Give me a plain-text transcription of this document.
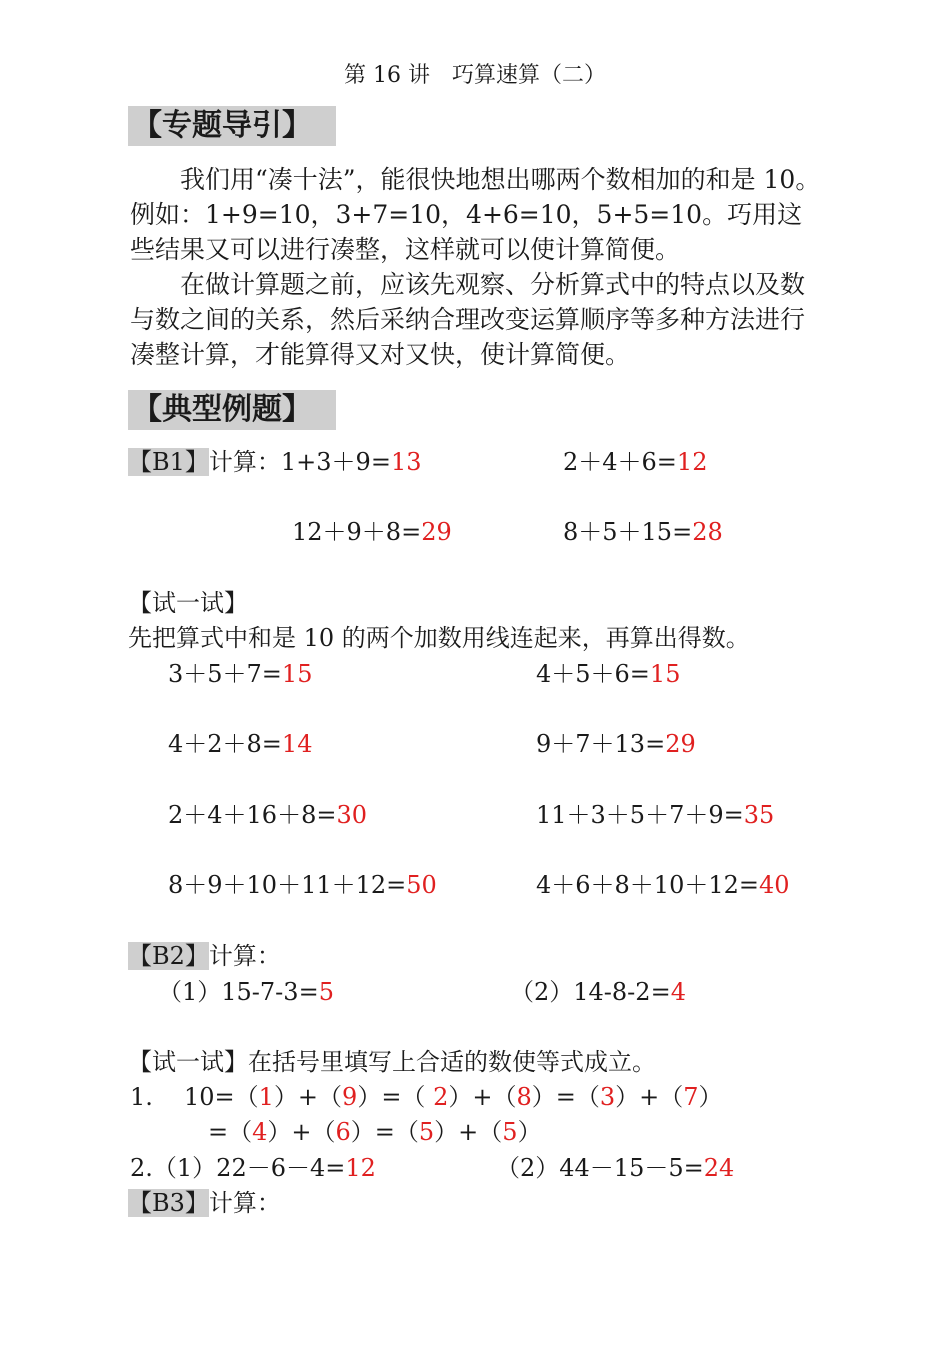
第 16 讲　巧算速算（二）
【专题导引】

我们用“凑十法”，能很快地想出哪两个数相加的和是 10。例如：1+9=10，3+7=10，4+6=10，5+5=10。巧用这些结果又可以进行凑整，这样就可以使计算简便。

在做计算题之前，应该先观察、分析算式中的特点以及数与数之间的关系，然后采纳合理改变运算顺序等多种方法进行凑整计算，才能算得又对又快，使计算简便。

【典型例题】
【B1】计算：1+3＋9=13	2＋4＋6=12
12＋9＋8=29	8＋5＋15=28
【试一试】
先把算式中和是 10 的两个加数用线连起来，再算出得数。
3＋5＋7=15	4＋5＋6=15
4＋2＋8=14	9＋7＋13=29
2＋4＋16＋8=30	11＋3＋5＋7＋9=35
8＋9＋10＋11＋12=50	4＋6＋8＋10＋12=40
【B2】计算：
（1）15-7-3=5	（2）14-8-2=4
【试一试】在括号里填写上合适的数使等式成立。
1. 10=（1）+（9）=（ 2）+（8）=（3）+（7）
=（4）+（6）=（5）+（5）
2.（1）22－6－4=12	（2）44－15－5=24
【B3】计算：
